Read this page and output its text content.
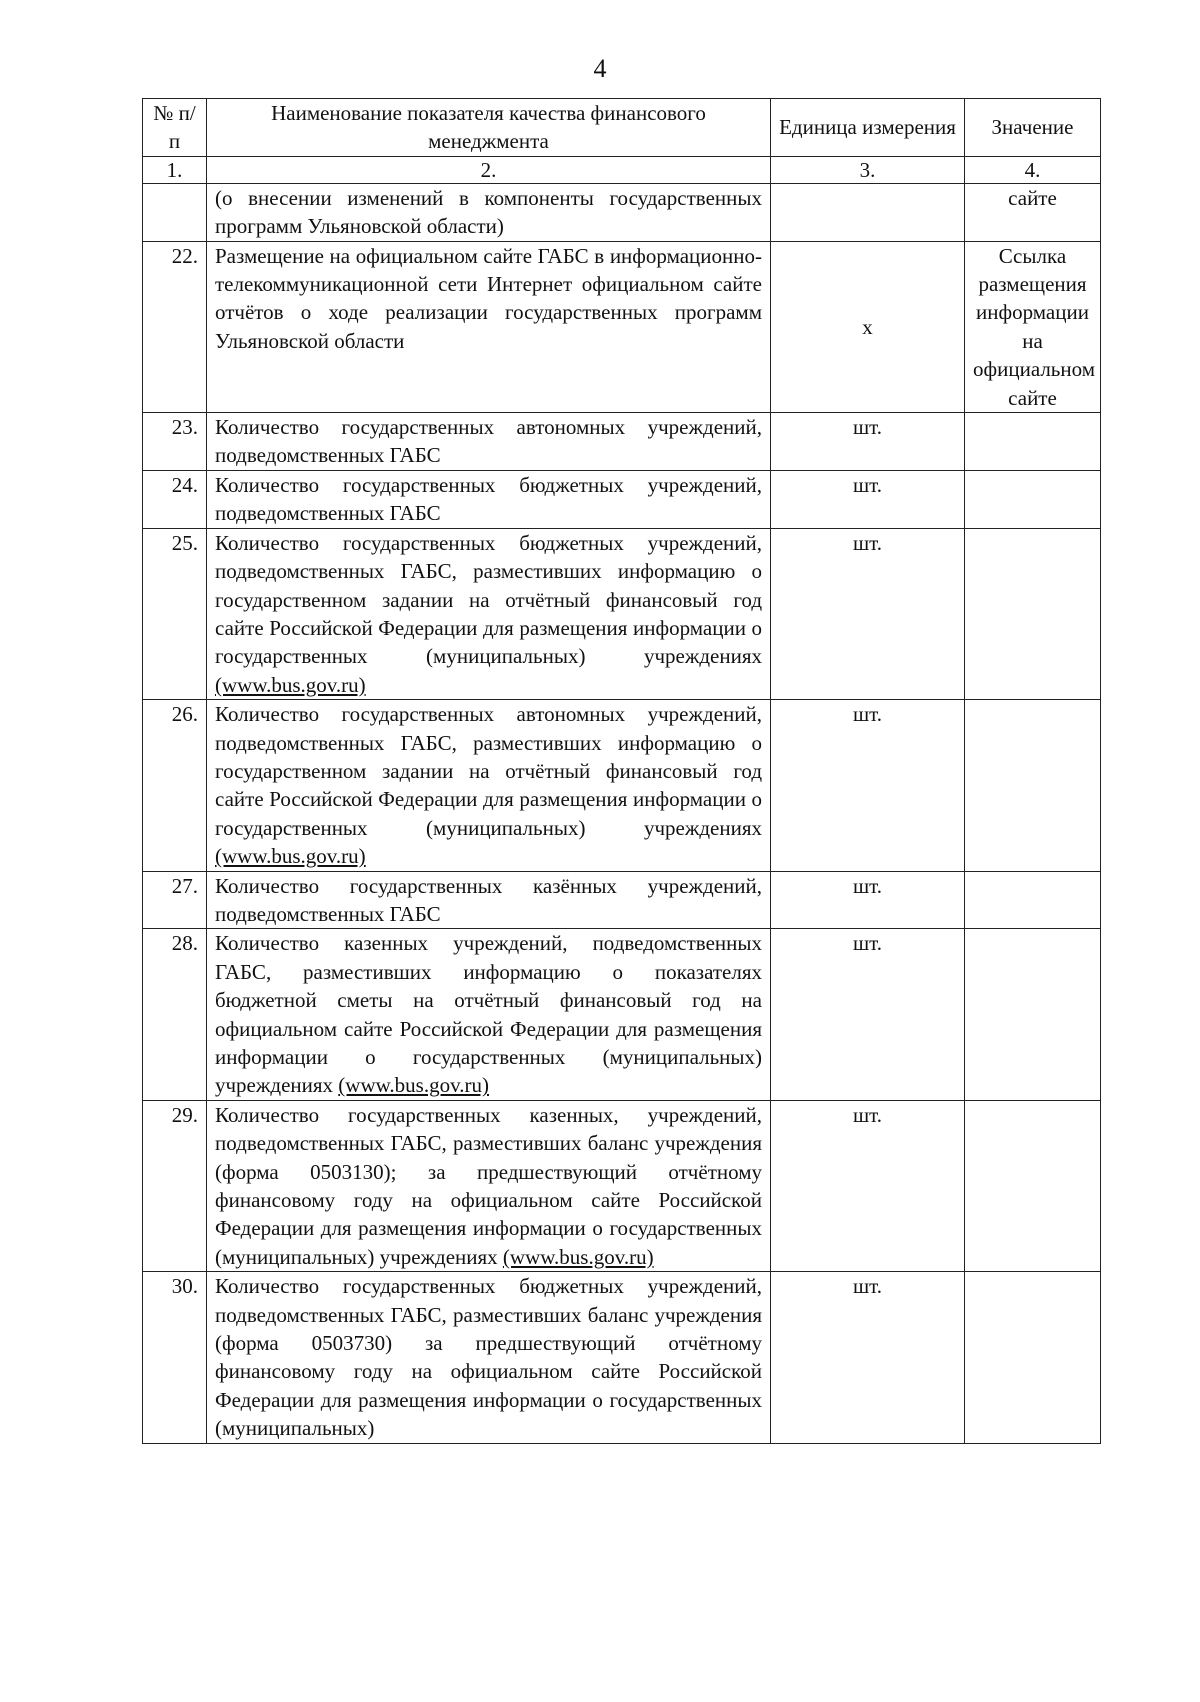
4
№ п/п	Наименование показателя качества финансового менеджмента	Единица измерения	Значение
1.	2.	3.	4.
	(о внесении изменений в компоненты государственных программ Ульяновской области)		сайте
22.	Размещение на официальном сайте ГАБС в информационно-телекоммуникационной сети Интернет официальном сайте отчётов о ходе реализации государственных программ Ульяновской области	х	Ссылка размещения информации на официальном сайте
23.	Количество государственных автономных учреждений, подведомственных ГАБС	шт.	
24.	Количество государственных бюджетных учреждений, подведомственных ГАБС	шт.	
25.	Количество государственных бюджетных учреждений, подведомственных ГАБС, разместивших информацию о государственном задании на отчётный финансовый год сайте Российской Федерации для размещения информации о государственных (муниципальных) учреждениях (www.bus.gov.ru)	шт.	
26.	Количество государственных автономных учреждений, подведомственных ГАБС, разместивших информацию о государственном задании на отчётный финансовый год сайте Российской Федерации для размещения информации о государственных (муниципальных) учреждениях (www.bus.gov.ru)	шт.	
27.	Количество государственных казённых учреждений, подведомственных ГАБС	шт.	
28.	Количество казенных учреждений, подведомственных ГАБС, разместивших информацию о показателях бюджетной сметы на отчётный финансовый год на официальном сайте Российской Федерации для размещения информации о государственных (муниципальных) учреждениях (www.bus.gov.ru)	шт.	
29.	Количество государственных казенных, учреждений, подведомственных ГАБС, разместивших баланс учреждения (форма 0503130); за предшествующий отчётному финансовому году на официальном сайте Российской Федерации для размещения информации о государственных (муниципальных) учреждениях (www.bus.gov.ru)	шт.	
30.	Количество государственных бюджетных учреждений, подведомственных ГАБС, разместивших баланс учреждения (форма 0503730) за предшествующий отчётному финансовому году на официальном сайте Российской Федерации для размещения информации о государственных (муниципальных)	шт.	
